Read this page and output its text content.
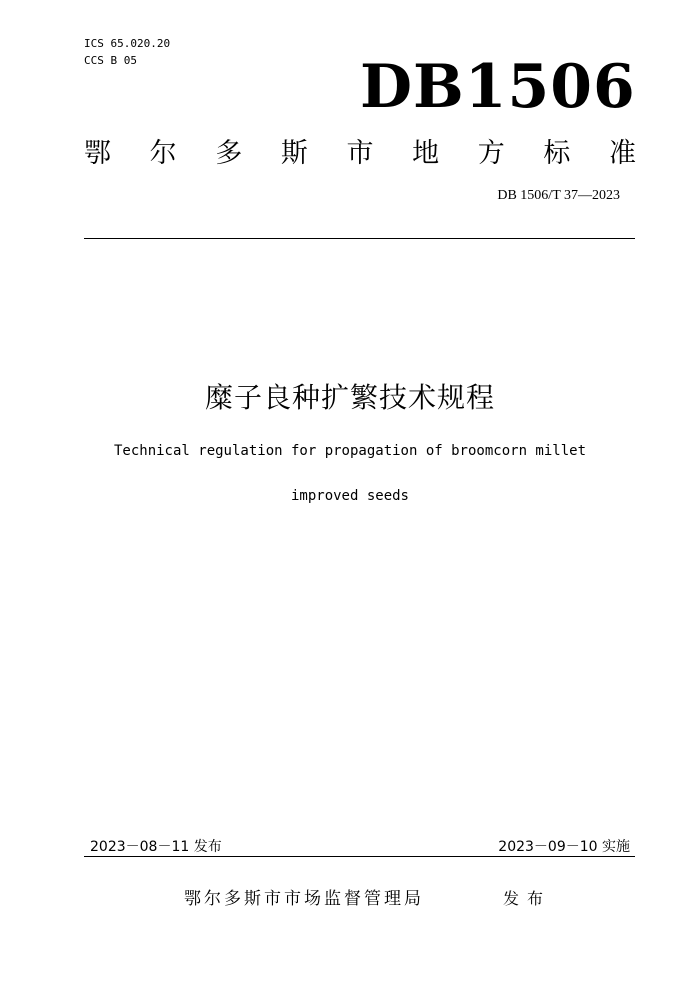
ICS 65.020.20
CCS B 05	DB1506
鄂 尔 多 斯 市 地 方 标 准
DB 1506/T 37—2023
糜子良种扩繁技术规程
Technical regulation for propagation of broomcorn millet
improved seeds
2023－08－11 发布	2023－09－10 实施
鄂尔多斯市市场监督管理局	发布
